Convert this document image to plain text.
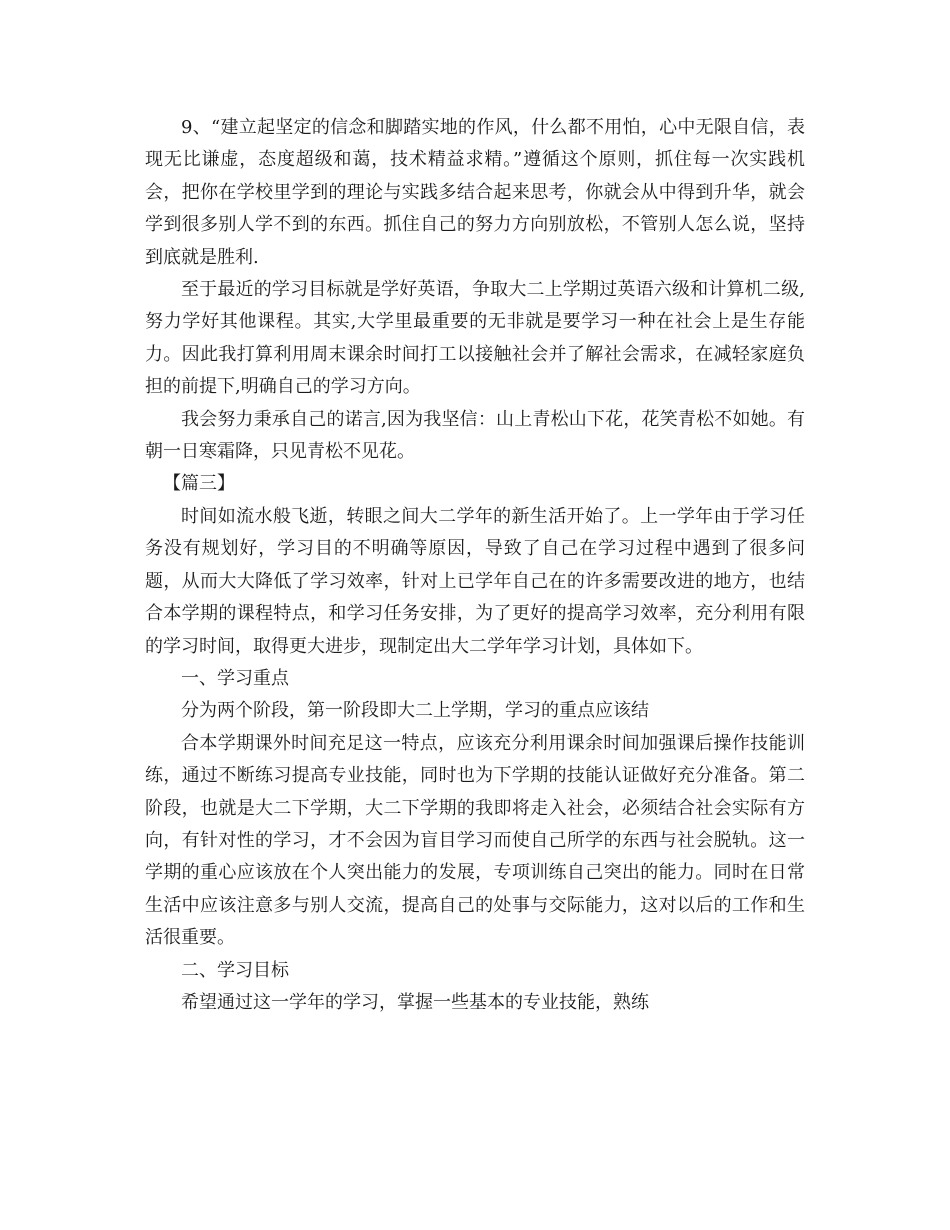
9、“建立起坚定的信念和脚踏实地的作风，什么都不用怕，心中无限自信，表现无比谦虚，态度超级和蔼，技术精益求精。”遵循这个原则，抓住每一次实践机会，把你在学校里学到的理论与实践多结合起来思考，你就会从中得到升华，就会学到很多别人学不到的东西。抓住自己的努力方向别放松，不管别人怎么说，坚持到底就是胜利.

至于最近的学习目标就是学好英语，争取大二上学期过英语六级和计算机二级,努力学好其他课程。其实,大学里最重要的无非就是要学习一种在社会上是生存能力。因此我打算利用周末课余时间打工以接触社会并了解社会需求，在减轻家庭负担的前提下,明确自己的学习方向。

我会努力秉承自己的诺言,因为我坚信：山上青松山下花，花笑青松不如她。有朝一日寒霜降，只见青松不见花。

【篇三】

时间如流水般飞逝，转眼之间大二学年的新生活开始了。上一学年由于学习任务没有规划好，学习目的不明确等原因，导致了自己在学习过程中遇到了很多问题，从而大大降低了学习效率，针对上已学年自己在的许多需要改进的地方，也结合本学期的课程特点，和学习任务安排，为了更好的提高学习效率，充分利用有限的学习时间，取得更大进步，现制定出大二学年学习计划，具体如下。

一、学习重点

分为两个阶段，第一阶段即大二上学期，学习的重点应该结

合本学期课外时间充足这一特点，应该充分利用课余时间加强课后操作技能训练，通过不断练习提高专业技能，同时也为下学期的技能认证做好充分准备。第二阶段，也就是大二下学期，大二下学期的我即将走入社会，必须结合社会实际有方向，有针对性的学习，才不会因为盲目学习而使自己所学的东西与社会脱轨。这一学期的重心应该放在个人突出能力的发展，专项训练自己突出的能力。同时在日常生活中应该注意多与别人交流，提高自己的处事与交际能力，这对以后的工作和生活很重要。

二、学习目标

希望通过这一学年的学习，掌握一些基本的专业技能，熟练
